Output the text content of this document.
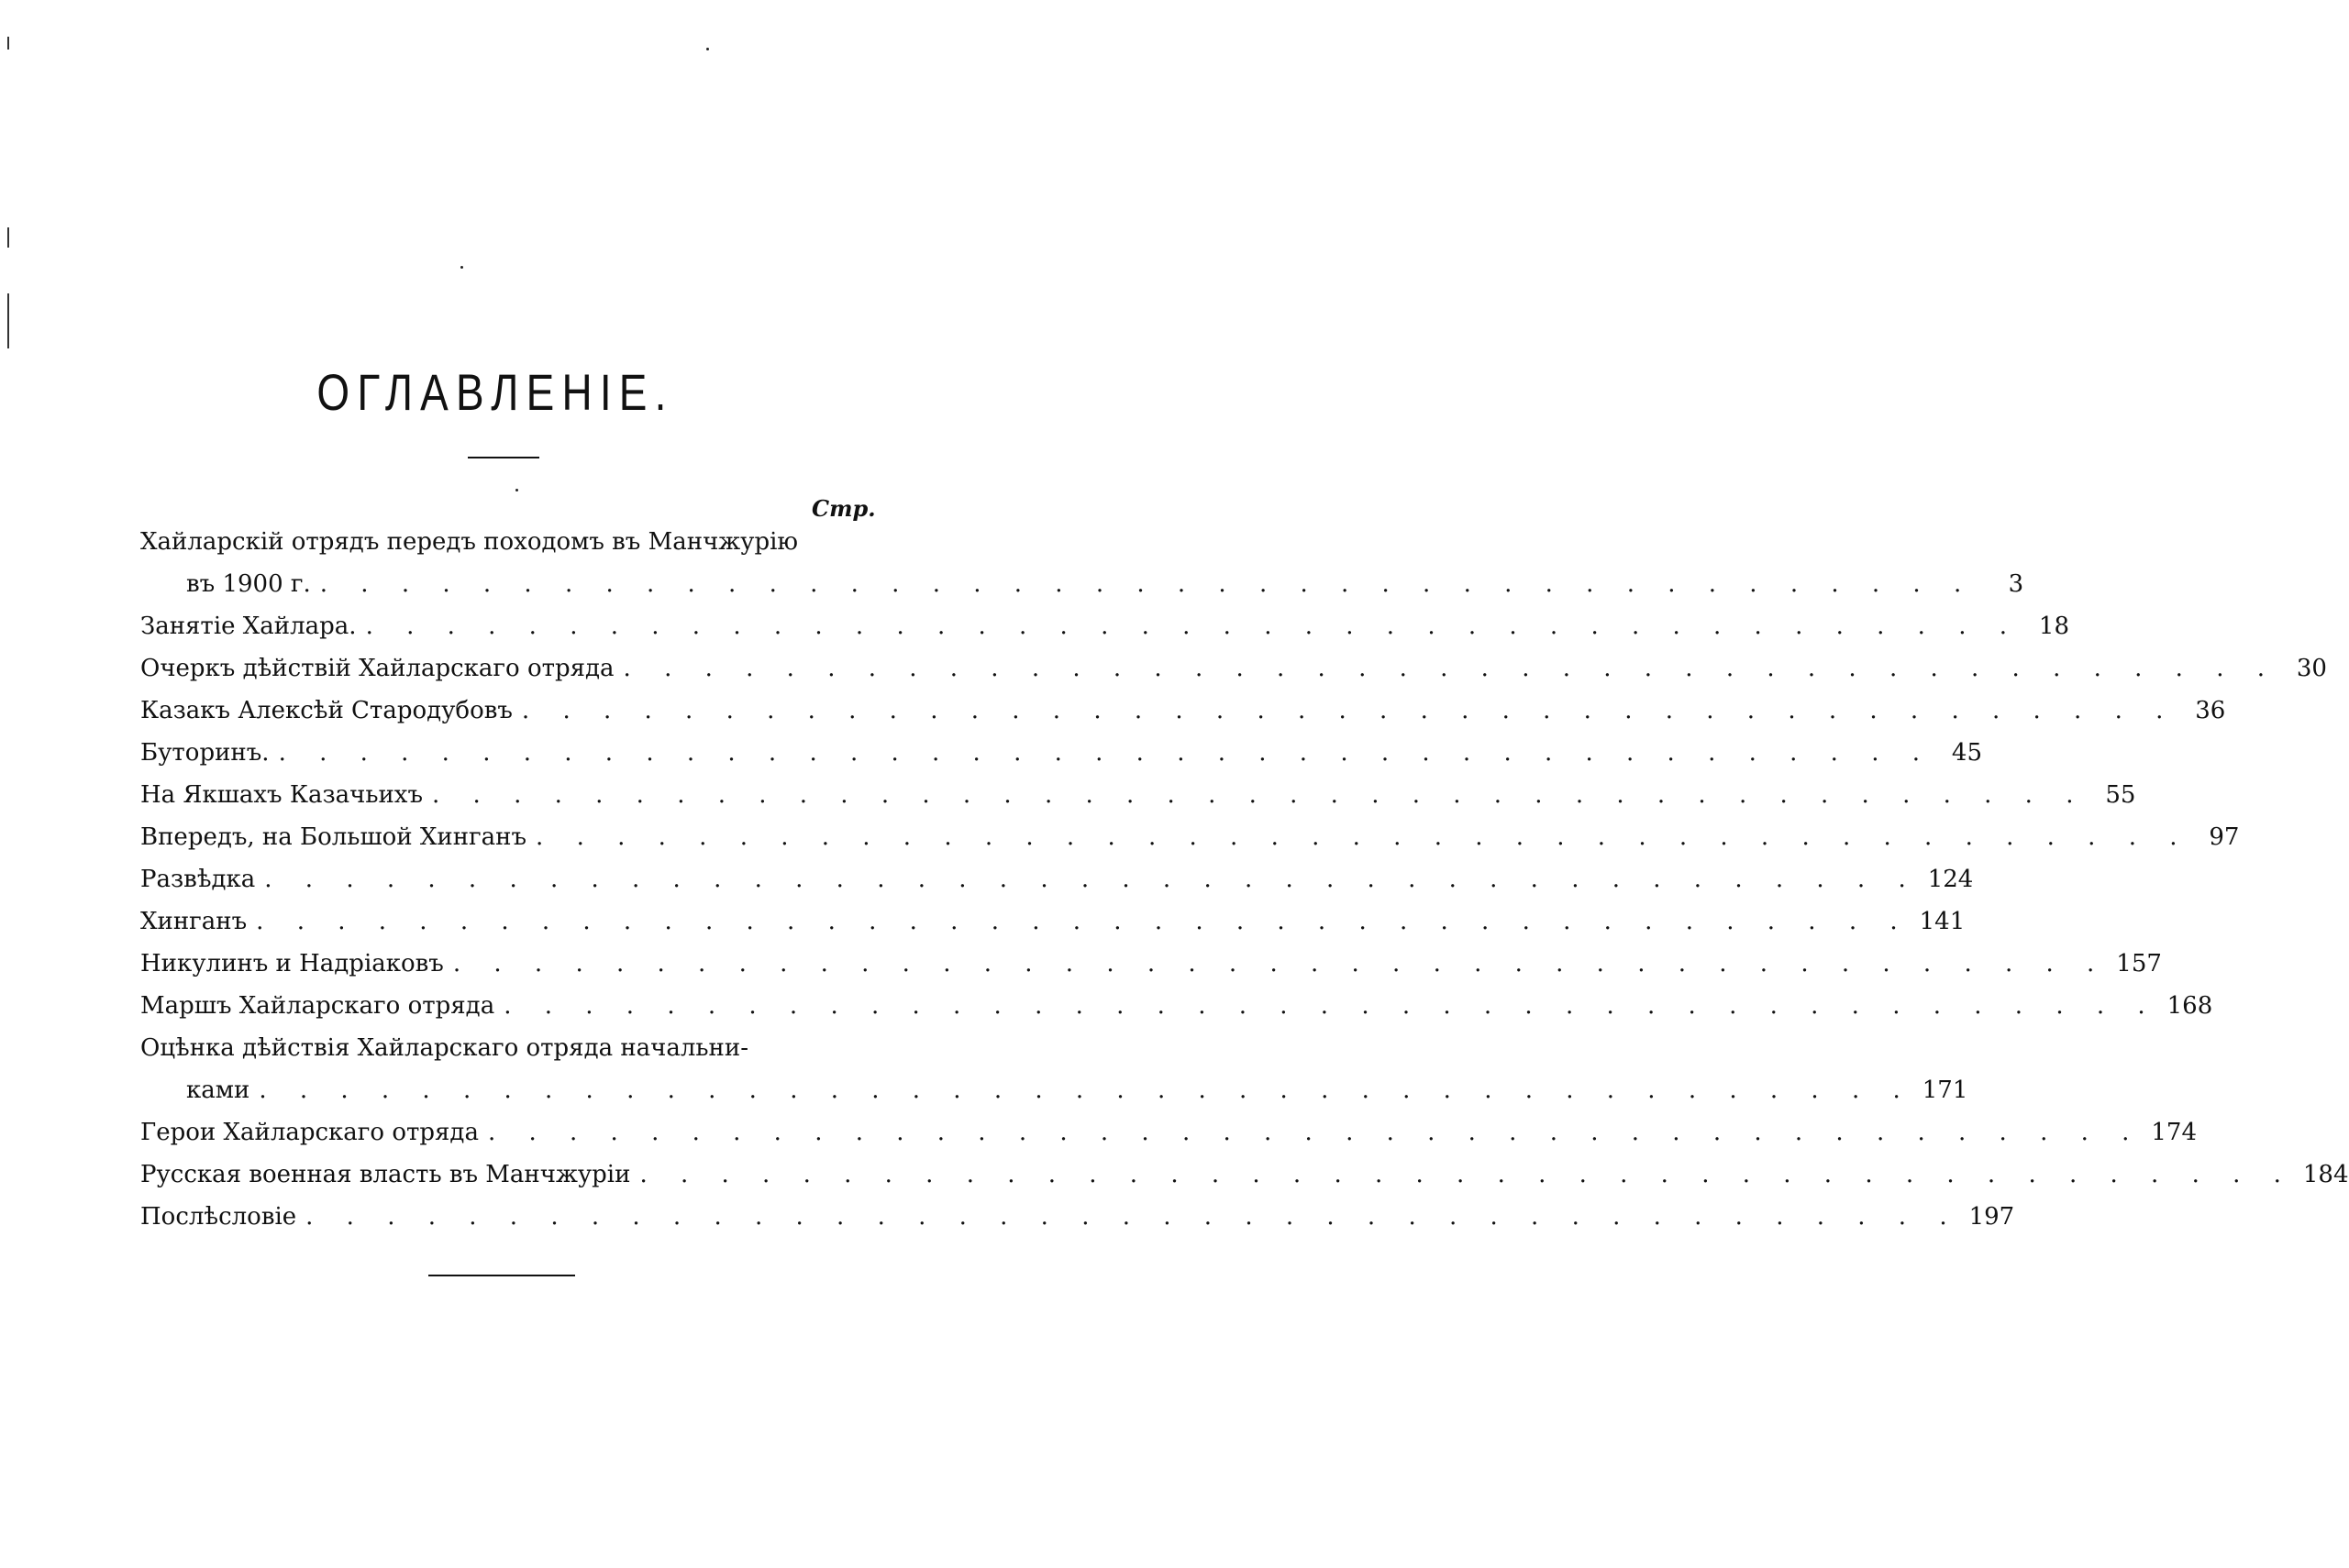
ОГЛАВЛЕНІЕ.
Стр.
Хайларскій отрядъ передъ походомъ въ Манчжурію
въ 1900 г. . . . . . . . . . . . . . . . . . . . . . . . . . . . . . . . . . . . . . . . . .	3
Занятіе Хайлара. . . . . . . . . . . . . . . . . . . . . . . . . . . . . . . . . . . . . . . . . . 18
Очеркъ дѣйствій Хайларскаго отряда . . . . . . . . . . . . . . . . . . . . . . . . . . . . . . . . . . . . . . . . . 30
Казакъ Алексѣй Стародубовъ . . . . . . . . . . . . . . . . . . . . . . . . . . . . . . . . . . . . . . . . . 36
Буторинъ. . . . . . . . . . . . . . . . . . . . . . . . . . . . . . . . . . . . . . . . . . 45
На Якшахъ Казачьихъ . . . . . . . . . . . . . . . . . . . . . . . . . . . . . . . . . . . . . . . . . 55
Впередъ, на Большой Хинганъ . . . . . . . . . . . . . . . . . . . . . . . . . . . . . . . . . . . . . . . . . 97
Развѣдка . . . . . . . . . . . . . . . . . . . . . . . . . . . . . . . . . . . . . . . . . 124
Хинганъ . . . . . . . . . . . . . . . . . . . . . . . . . . . . . . . . . . . . . . . . . 141
Никулинъ и Надріаковъ . . . . . . . . . . . . . . . . . . . . . . . . . . . . . . . . . . . . . . . . . 157
Маршъ Хайларскаго отряда . . . . . . . . . . . . . . . . . . . . . . . . . . . . . . . . . . . . . . . . . 168
Оцѣнка дѣйствія Хайларскаго отряда начальни-
ками . . . . . . . . . . . . . . . . . . . . . . . . . . . . . . . . . . . . . . . . . 171
Герои Хайларскаго отряда . . . . . . . . . . . . . . . . . . . . . . . . . . . . . . . . . . . . . . . . . 174
Русская военная власть въ Манчжуріи . . . . . . . . . . . . . . . . . . . . . . . . . . . . . . . . . . . . . . . . . 184
Послѣсловіе . . . . . . . . . . . . . . . . . . . . . . . . . . . . . . . . . . . . . . . . . 197
